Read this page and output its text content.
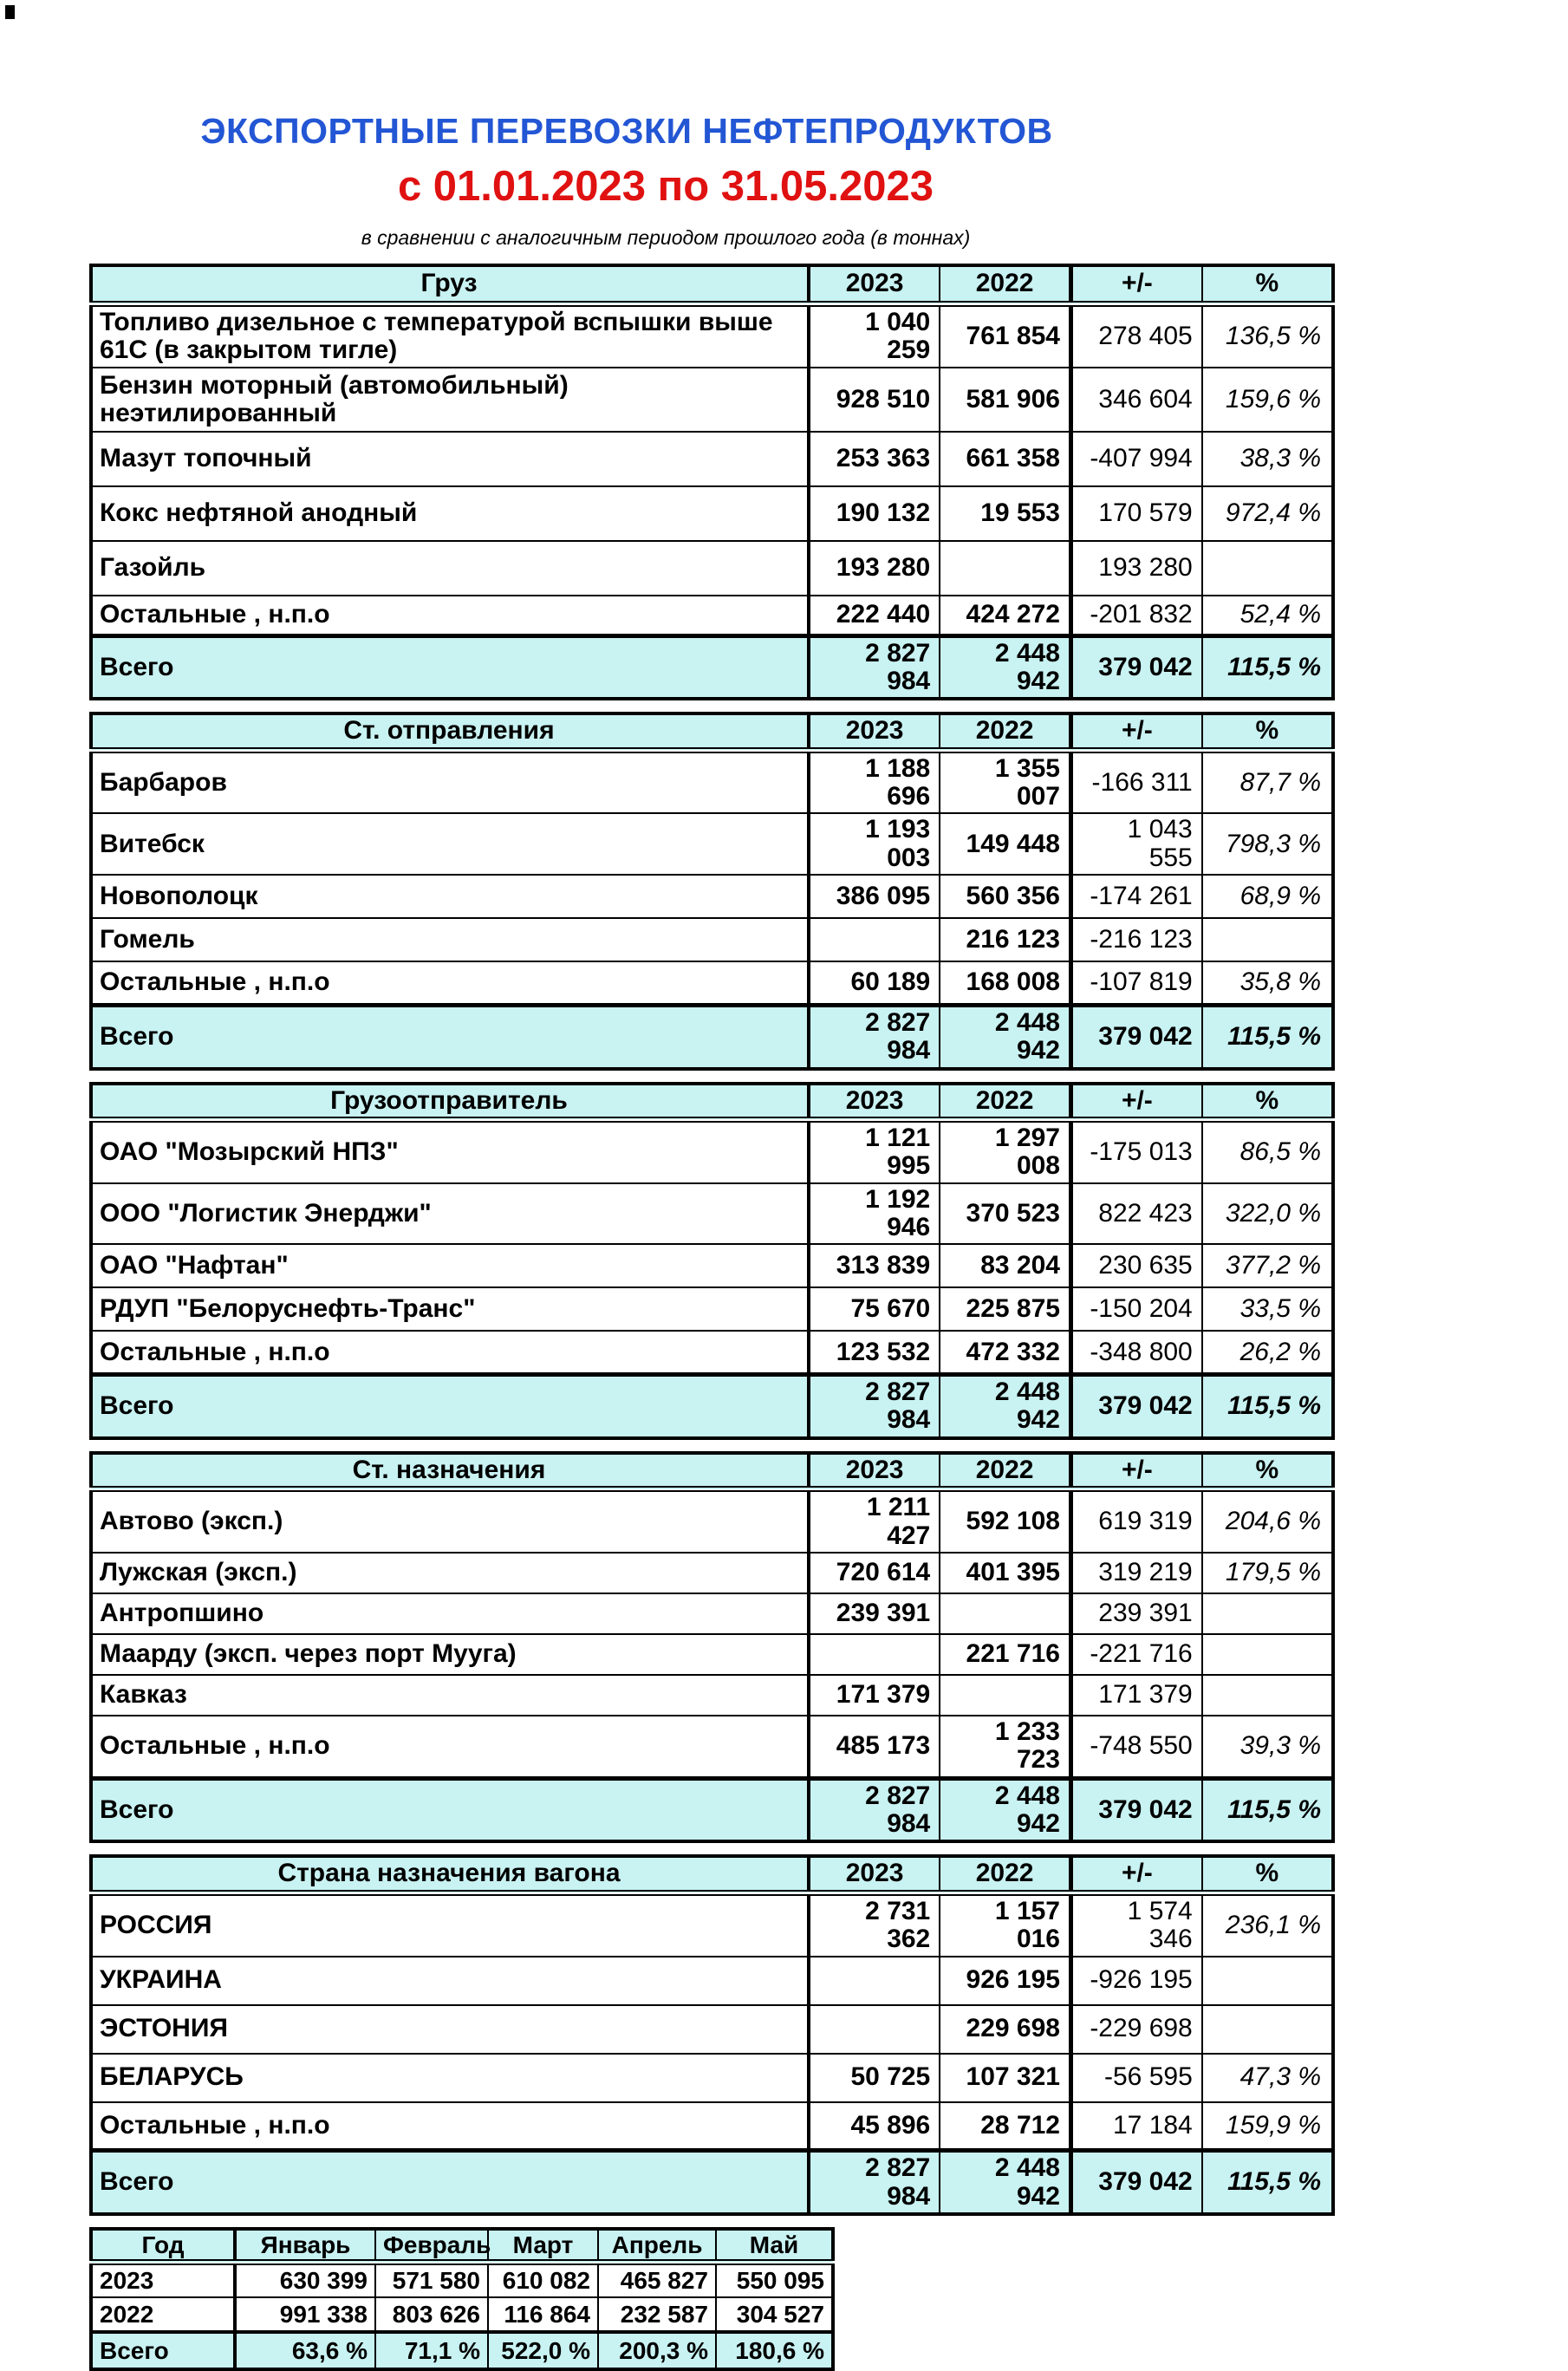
ЭКСПОРТНЫЕ ПЕРЕВОЗКИ НЕФТЕПРОДУКТОВ
с 01.01.2023 по 31.05.2023
в сравнении с аналогичным периодом прошлого года (в тоннах)
Груз	2023	2022	+/-	%
Топливо дизельное с температурой вспышки выше 61С (в закрытом тигле)	1 040 259	761 854	278 405	136,5 %
Бензин моторный (автомобильный) неэтилированный	928 510	581 906	346 604	159,6 %
Мазут топочный	253 363	661 358	-407 994	38,3 %
Кокс нефтяной анодный	190 132	19 553	170 579	972,4 %
Газойль	193 280		193 280	
Остальные , н.п.о	222 440	424 272	-201 832	52,4 %
Всего	2 827 984	2 448 942	379 042	115,5 %
Ст. отправления	2023	2022	+/-	%
Барбаров	1 188 696	1 355 007	-166 311	87,7 %
Витебск	1 193 003	149 448	1 043 555	798,3 %
Новополоцк	386 095	560 356	-174 261	68,9 %
Гомель		216 123	-216 123	
Остальные , н.п.о	60 189	168 008	-107 819	35,8 %
Всего	2 827 984	2 448 942	379 042	115,5 %
Грузоотправитель	2023	2022	+/-	%
ОАО "Мозырский НПЗ"	1 121 995	1 297 008	-175 013	86,5 %
ООО "Логистик Энерджи"	1 192 946	370 523	822 423	322,0 %
ОАО "Нафтан"	313 839	83 204	230 635	377,2 %
РДУП "Белоруснефть-Транс"	75 670	225 875	-150 204	33,5 %
Остальные , н.п.о	123 532	472 332	-348 800	26,2 %
Всего	2 827 984	2 448 942	379 042	115,5 %
Ст. назначения	2023	2022	+/-	%
Автово (эксп.)	1 211 427	592 108	619 319	204,6 %
Лужская (эксп.)	720 614	401 395	319 219	179,5 %
Антропшино	239 391		239 391	
Маарду (эксп. через порт Мууга)		221 716	-221 716	
Кавказ	171 379		171 379	
Остальные , н.п.о	485 173	1 233 723	-748 550	39,3 %
Всего	2 827 984	2 448 942	379 042	115,5 %
Страна назначения вагона	2023	2022	+/-	%
РОССИЯ	2 731 362	1 157 016	1 574 346	236,1 %
УКРАИНА		926 195	-926 195	
ЭСТОНИЯ		229 698	-229 698	
БЕЛАРУСЬ	50 725	107 321	-56 595	47,3 %
Остальные , н.п.о	45 896	28 712	17 184	159,9 %
Всего	2 827 984	2 448 942	379 042	115,5 %
Год	Январь	Февраль	Март	Апрель	Май
2023	630 399	571 580	610 082	465 827	550 095
2022	991 338	803 626	116 864	232 587	304 527
Всего	63,6 %	71,1 %	522,0 %	200,3 %	180,6 %
